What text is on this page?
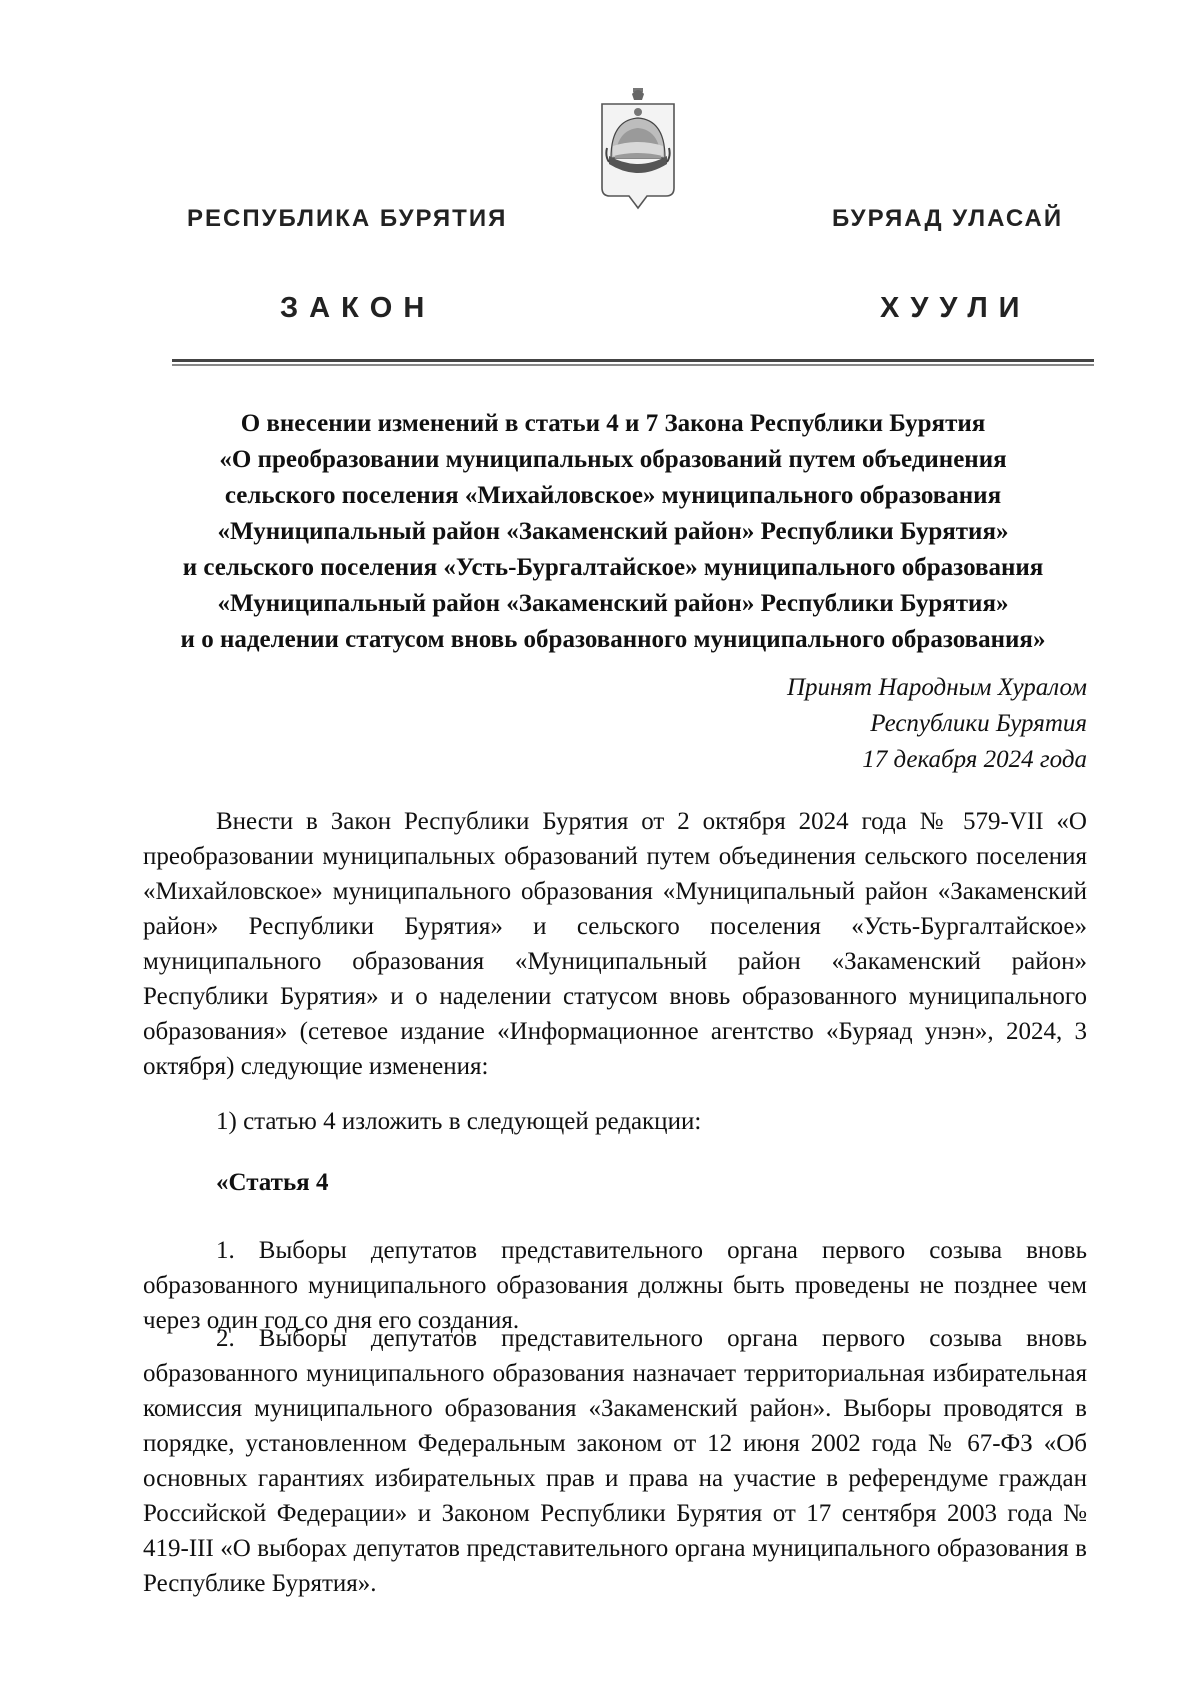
РЕСПУБЛИКА БУРЯТИЯ	БУРЯАД УЛАСАЙ
ЗАКОН	ХУУЛИ
О внесении изменений в статьи 4 и 7 Закона Республики Бурятия
«О преобразовании муниципальных образований путем объединения
сельского поселения «Михайловское» муниципального образования
«Муниципальный район «Закаменский район» Республики Бурятия»
и сельского поселения «Усть-Бургалтайское» муниципального образования
«Муниципальный район «Закаменский район» Республики Бурятия»
и о наделении статусом вновь образованного муниципального образования»
Принят Народным Хуралом
Республики Бурятия
17 декабря 2024 года

Внести в Закон Республики Бурятия от 2 октября 2024 года № 579-VII «О преобразовании муниципальных образований путем объединения сельского поселения «Михайловское» муниципального образования «Муниципальный район «Закаменский район» Республики Бурятия» и сельского поселения «Усть-Бургалтайское» муниципального образования «Муниципальный район «Закаменский район» Республики Бурятия» и о наделении статусом вновь образованного муниципального образования» (сетевое издание «Информационное агентство «Буряад унэн», 2024, 3 октября) следующие изменения:

1) статью 4 изложить в следующей редакции:

«Статья 4

1. Выборы депутатов представительного органа первого созыва вновь образованного муниципального образования должны быть проведены не позднее чем через один год со дня его создания.

2. Выборы депутатов представительного органа первого созыва вновь образованного муниципального образования назначает территориальная избирательная комиссия муниципального образования «Закаменский район». Выборы проводятся в порядке, установленном Федеральным законом от 12 июня 2002 года № 67-ФЗ «Об основных гарантиях избирательных прав и права на участие в референдуме граждан Российской Федерации» и Законом Республики Бурятия от 17 сентября 2003 года № 419-III «О выборах депутатов представительного органа муниципального образования в Республике Бурятия».
